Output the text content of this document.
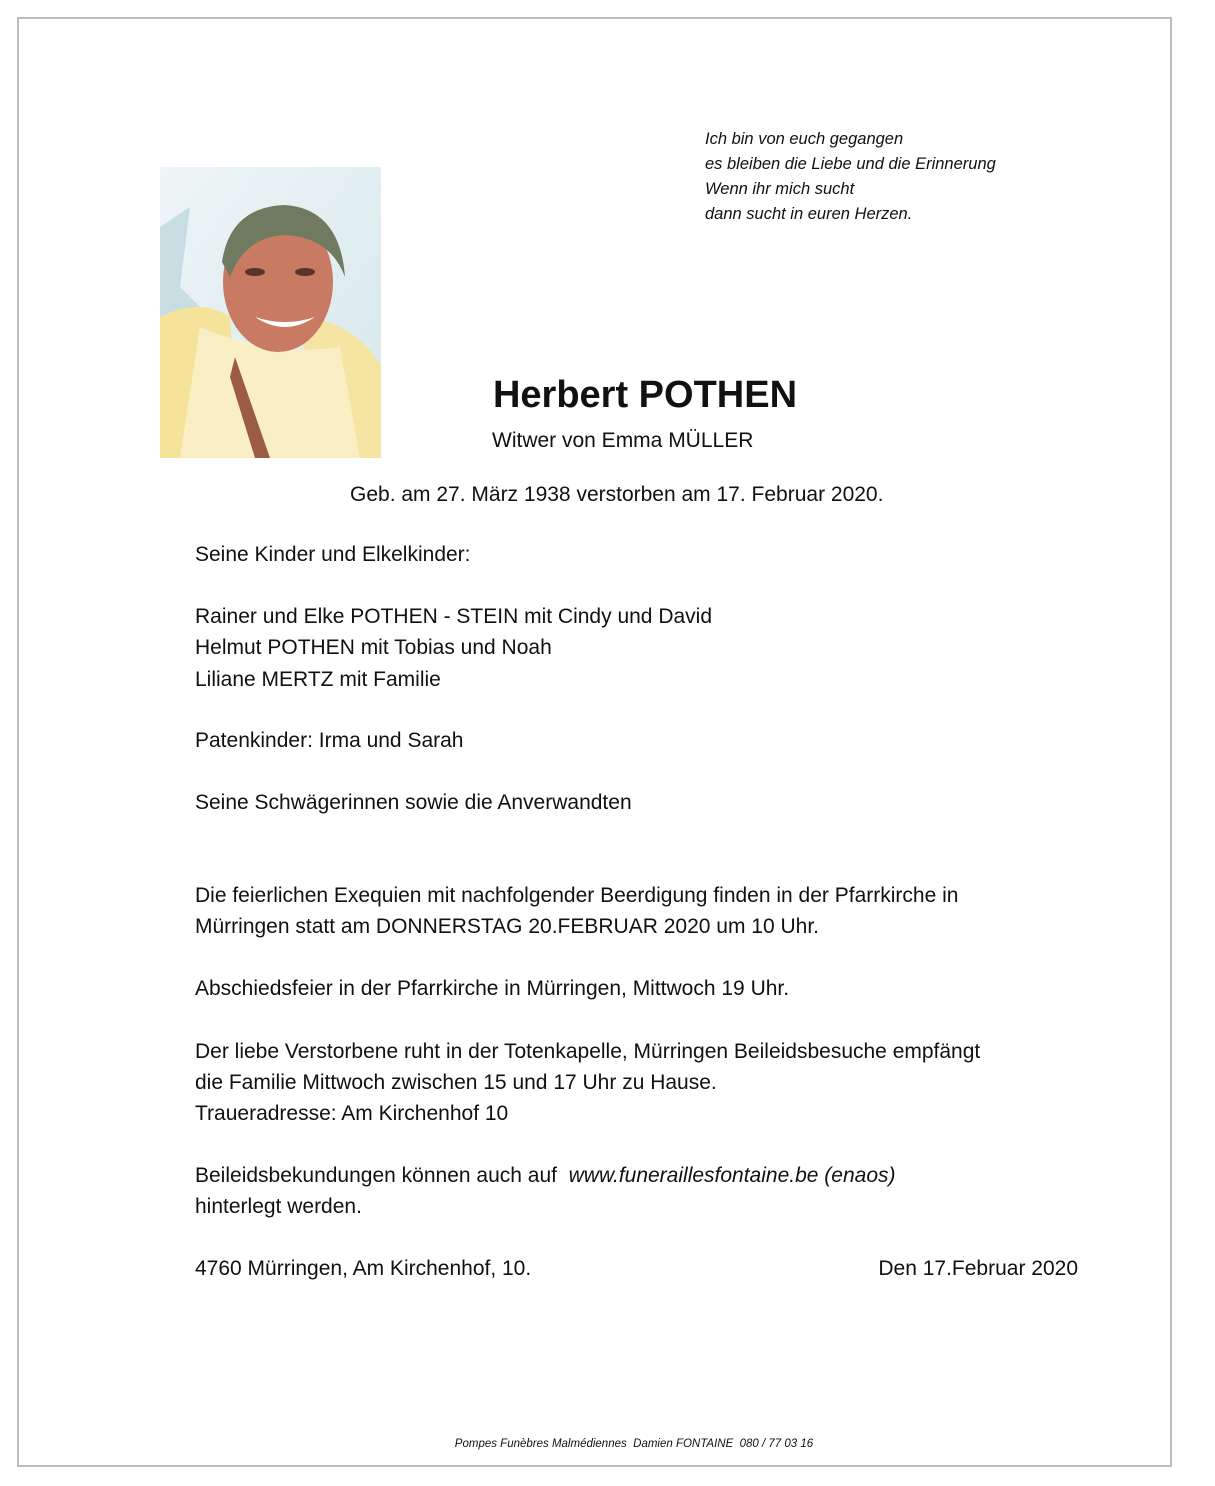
Ich bin von euch gegangen
es bleiben die Liebe und die Erinnerung
Wenn ihr mich sucht
dann sucht in euren Herzen.
Herbert POTHEN
Witwer von Emma MÜLLER
Geb. am 27. März 1938 verstorben am 17. Februar 2020.
Seine Kinder und Elkelkinder:
Rainer und Elke POTHEN - STEIN mit Cindy und David
Helmut POTHEN mit Tobias und Noah
Liliane MERTZ mit Familie
Patenkinder: Irma und Sarah
Seine Schwägerinnen sowie die Anverwandten
Die feierlichen Exequien mit nachfolgender Beerdigung finden in der Pfarrkirche in
Mürringen statt am DONNERSTAG 20.FEBRUAR 2020 um 10 Uhr.
Abschiedsfeier in der Pfarrkirche in Mürringen, Mittwoch 19 Uhr.
Der liebe Verstorbene ruht in der Totenkapelle, Mürringen Beileidsbesuche empfängt
die Familie Mittwoch zwischen 15 und 17 Uhr zu Hause.
Traueradresse: Am Kirchenhof 10
Beileidsbekundungen können auch auf  www.funeraillesfontaine.be (enaos)
hinterlegt werden.
4760 Mürringen, Am Kirchenhof, 10.	Den 17.Februar 2020
Pompes Funèbres Malmédiennes  Damien FONTAINE  080 / 77 03 16
